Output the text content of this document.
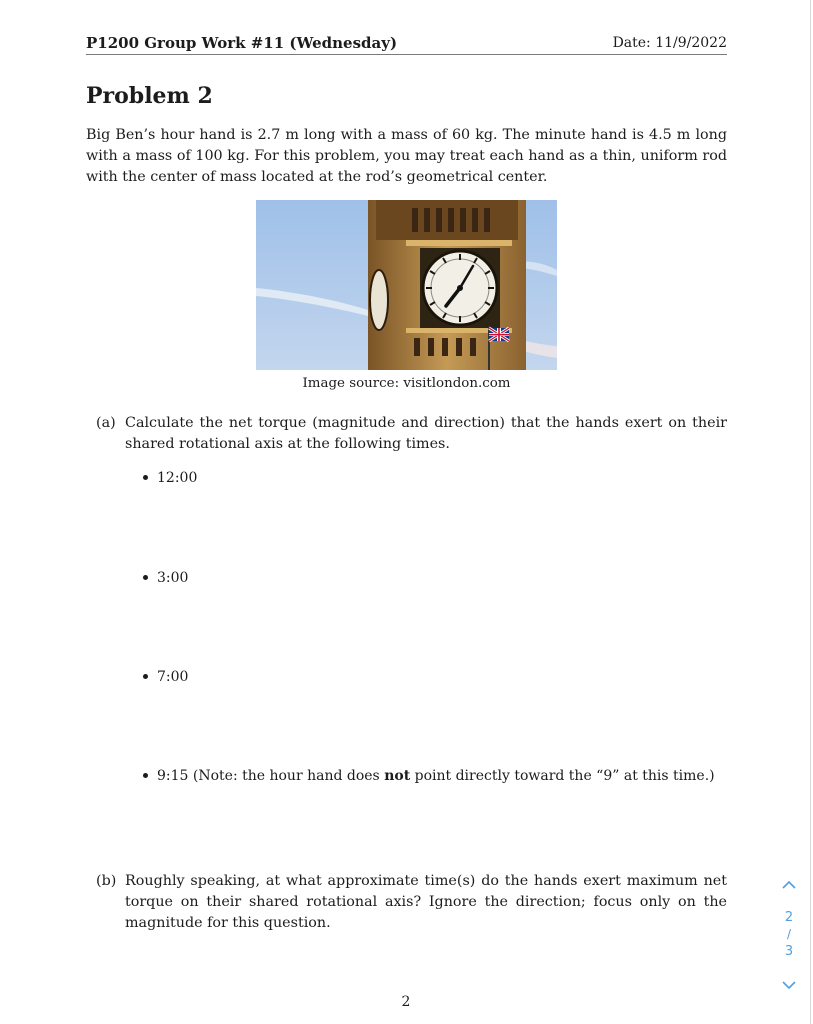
P1200 Group Work #11 (Wednesday)	Date: 11/9/2022
Problem 2
Big Ben’s hour hand is 2.7 m long with a mass of 60 kg. The minute hand is 4.5 m long with a mass of 100 kg. For this problem, you may treat each hand as a thin, uniform rod with the center of mass located at the rod’s geometrical center.
Image source: visitlondon.com
(a) Calculate the net torque (magnitude and direction) that the hands exert on their shared rotational axis at the following times.
12:00
3:00
7:00
9:15 (Note: the hour hand does not point directly toward the “9” at this time.)
(b) Roughly speaking, at what approximate time(s) do the hands exert maximum net torque on their shared rotational axis? Ignore the direction; focus only on the magnitude for this question.
2
2
/
3
